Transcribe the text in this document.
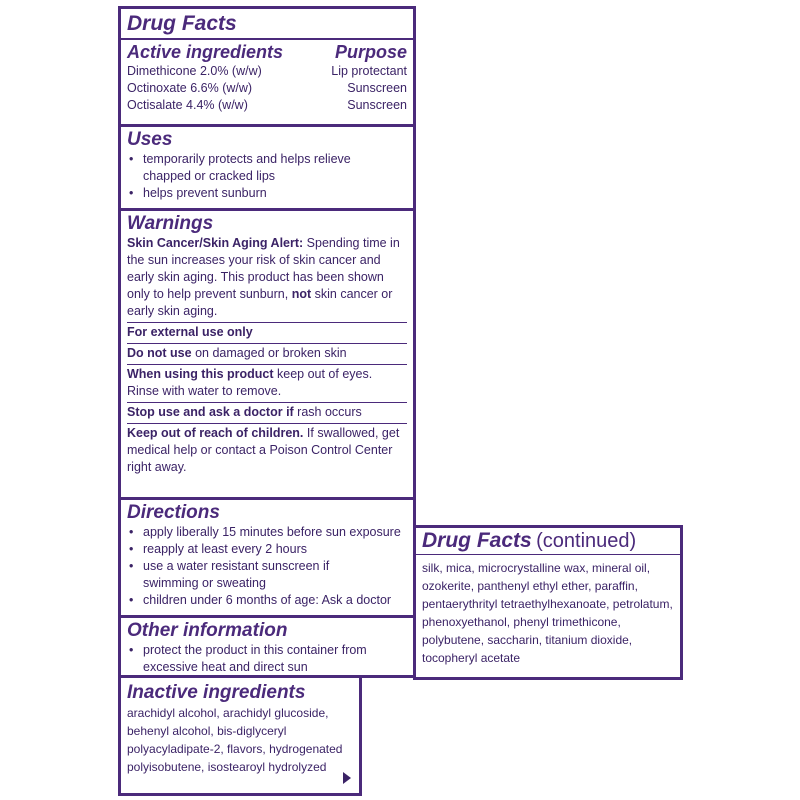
Drug Facts
Active ingredients	Purpose
Dimethicone 2.0% (w/w)	Lip protectant
Octinoxate 6.6% (w/w)	Sunscreen
Octisalate 4.4% (w/w)	Sunscreen
Uses
• temporarily protects and helps relieve chapped or cracked lips
• helps prevent sunburn
Warnings
Skin Cancer/Skin Aging Alert: Spending time in the sun increases your risk of skin cancer and early skin aging. This product has been shown only to help prevent sunburn, not skin cancer or early skin aging.
For external use only
Do not use on damaged or broken skin
When using this product keep out of eyes. Rinse with water to remove.
Stop use and ask a doctor if rash occurs
Keep out of reach of children. If swallowed, get medical help or contact a Poison Control Center right away.
Directions
• apply liberally 15 minutes before sun exposure
• reapply at least every 2 hours
• use a water resistant sunscreen if swimming or sweating
• children under 6 months of age: Ask a doctor
Other information
• protect the product in this container from excessive heat and direct sun
Inactive ingredients
arachidyl alcohol, arachidyl glucoside, behenyl alcohol, bis-diglyceryl polyacyladipate-2, flavors, hydrogenated polyisobutene, isostearoyl hydrolyzed
Drug Facts (continued)
silk, mica, microcrystalline wax, mineral oil, ozokerite, panthenyl ethyl ether, paraffin, pentaerythrityl tetraethylhexanoate, petrolatum, phenoxyethanol, phenyl trimethicone, polybutene, saccharin, titanium dioxide, tocopheryl acetate
